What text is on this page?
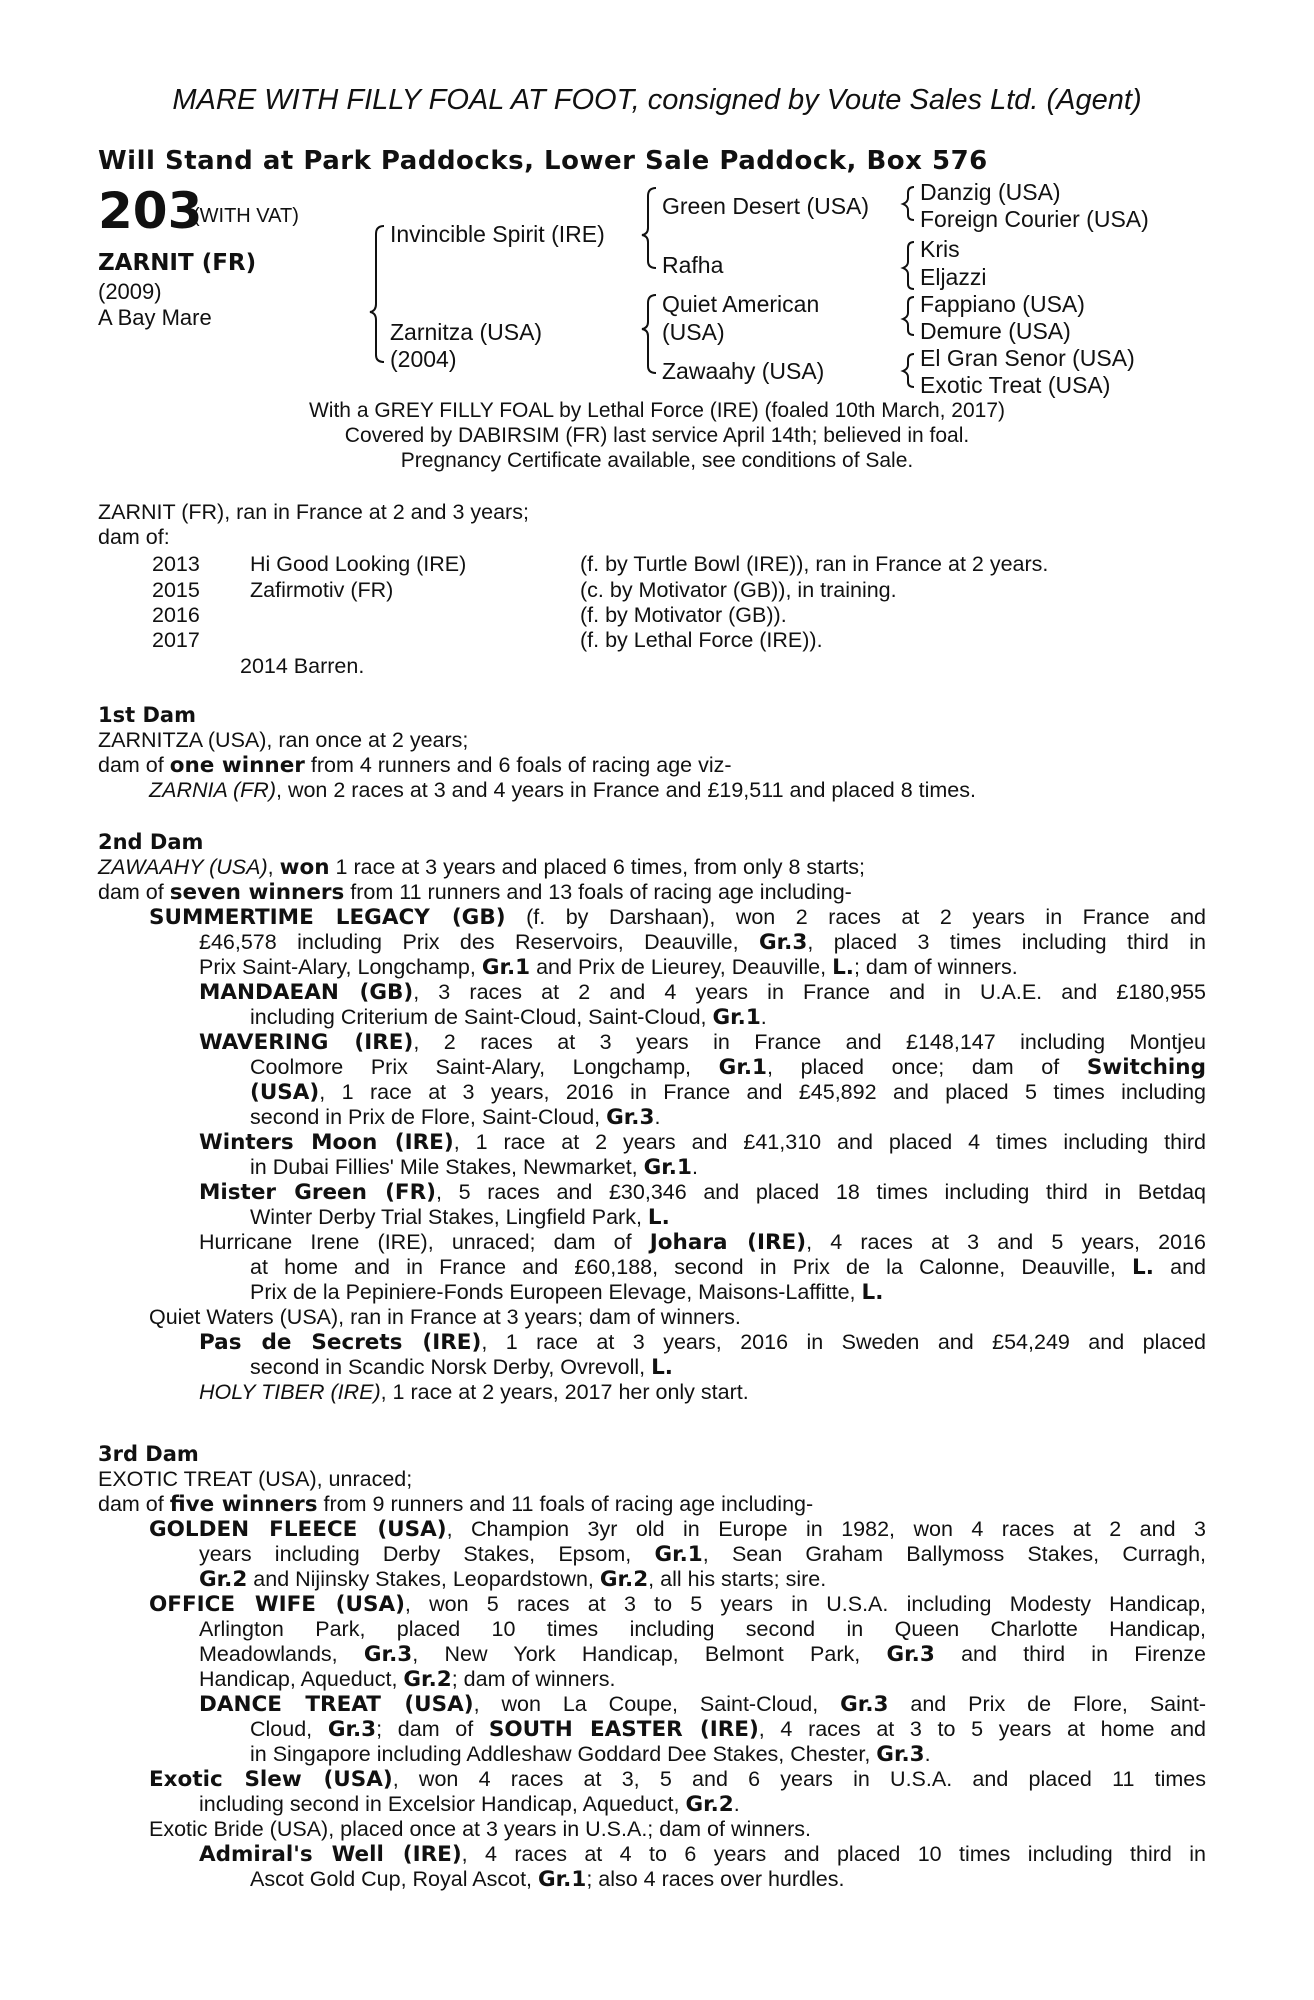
MARE WITH FILLY FOAL AT FOOT, consigned by Voute Sales Ltd. (Agent)
Will Stand at Park Paddocks, Lower Sale Paddock, Box 576
203
(WITH VAT)
ZARNIT (FR)
(2009)
A Bay Mare
Invincible Spirit (IRE)
Zarnitza (USA)
(2004)
Green Desert (USA)
Rafha
Quiet American
(USA)
Zawaahy (USA)
Danzig (USA)
Foreign Courier (USA)
Kris
Eljazzi
Fappiano (USA)
Demure (USA)
El Gran Senor (USA)
Exotic Treat (USA)
With a GREY FILLY FOAL by Lethal Force (IRE) (foaled 10th March, 2017)
Covered by DABIRSIM (FR) last service April 14th; believed in foal.
Pregnancy Certificate available, see conditions of Sale.
ZARNIT (FR), ran in France at 2 and 3 years;
dam of:
2013 Hi Good Looking (IRE)	(f. by Turtle Bowl (IRE)), ran in France at 2 years.
2015 Zafirmotiv (FR)	(c. by Motivator (GB)), in training.
2016	(f. by Motivator (GB)).
2017	(f. by Lethal Force (IRE)).
2014 Barren.
1st Dam
ZARNITZA (USA), ran once at 2 years;
dam of one winner from 4 runners and 6 foals of racing age viz-
ZARNIA (FR), won 2 races at 3 and 4 years in France and £19,511 and placed 8 times.
2nd Dam
ZAWAAHY (USA), won 1 race at 3 years and placed 6 times, from only 8 starts;
dam of seven winners from 11 runners and 13 foals of racing age including-
SUMMERTIME LEGACY (GB) (f. by Darshaan), won 2 races at 2 years in France and
£46,578 including Prix des Reservoirs, Deauville, Gr.3, placed 3 times including third in
Prix Saint-Alary, Longchamp, Gr.1 and Prix de Lieurey, Deauville, L.; dam of winners.
MANDAEAN (GB), 3 races at 2 and 4 years in France and in U.A.E. and £180,955
including Criterium de Saint-Cloud, Saint-Cloud, Gr.1.
WAVERING (IRE), 2 races at 3 years in France and £148,147 including Montjeu
Coolmore Prix Saint-Alary, Longchamp, Gr.1, placed once; dam of Switching
(USA), 1 race at 3 years, 2016 in France and £45,892 and placed 5 times including
second in Prix de Flore, Saint-Cloud, Gr.3.
Winters Moon (IRE), 1 race at 2 years and £41,310 and placed 4 times including third
in Dubai Fillies' Mile Stakes, Newmarket, Gr.1.
Mister Green (FR), 5 races and £30,346 and placed 18 times including third in Betdaq
Winter Derby Trial Stakes, Lingfield Park, L.
Hurricane Irene (IRE), unraced; dam of Johara (IRE), 4 races at 3 and 5 years, 2016
at home and in France and £60,188, second in Prix de la Calonne, Deauville, L. and
Prix de la Pepiniere-Fonds Europeen Elevage, Maisons-Laffitte, L.
Quiet Waters (USA), ran in France at 3 years; dam of winners.
Pas de Secrets (IRE), 1 race at 3 years, 2016 in Sweden and £54,249 and placed
second in Scandic Norsk Derby, Ovrevoll, L.
HOLY TIBER (IRE), 1 race at 2 years, 2017 her only start.
3rd Dam
EXOTIC TREAT (USA), unraced;
dam of five winners from 9 runners and 11 foals of racing age including-
GOLDEN FLEECE (USA), Champion 3yr old in Europe in 1982, won 4 races at 2 and 3
years including Derby Stakes, Epsom, Gr.1, Sean Graham Ballymoss Stakes, Curragh,
Gr.2 and Nijinsky Stakes, Leopardstown, Gr.2, all his starts; sire.
OFFICE WIFE (USA), won 5 races at 3 to 5 years in U.S.A. including Modesty Handicap,
Arlington Park, placed 10 times including second in Queen Charlotte Handicap,
Meadowlands, Gr.3, New York Handicap, Belmont Park, Gr.3 and third in Firenze
Handicap, Aqueduct, Gr.2; dam of winners.
DANCE TREAT (USA), won La Coupe, Saint-Cloud, Gr.3 and Prix de Flore, Saint-
Cloud, Gr.3; dam of SOUTH EASTER (IRE), 4 races at 3 to 5 years at home and
in Singapore including Addleshaw Goddard Dee Stakes, Chester, Gr.3.
Exotic Slew (USA), won 4 races at 3, 5 and 6 years in U.S.A. and placed 11 times
including second in Excelsior Handicap, Aqueduct, Gr.2.
Exotic Bride (USA), placed once at 3 years in U.S.A.; dam of winners.
Admiral's Well (IRE), 4 races at 4 to 6 years and placed 10 times including third in
Ascot Gold Cup, Royal Ascot, Gr.1; also 4 races over hurdles.
